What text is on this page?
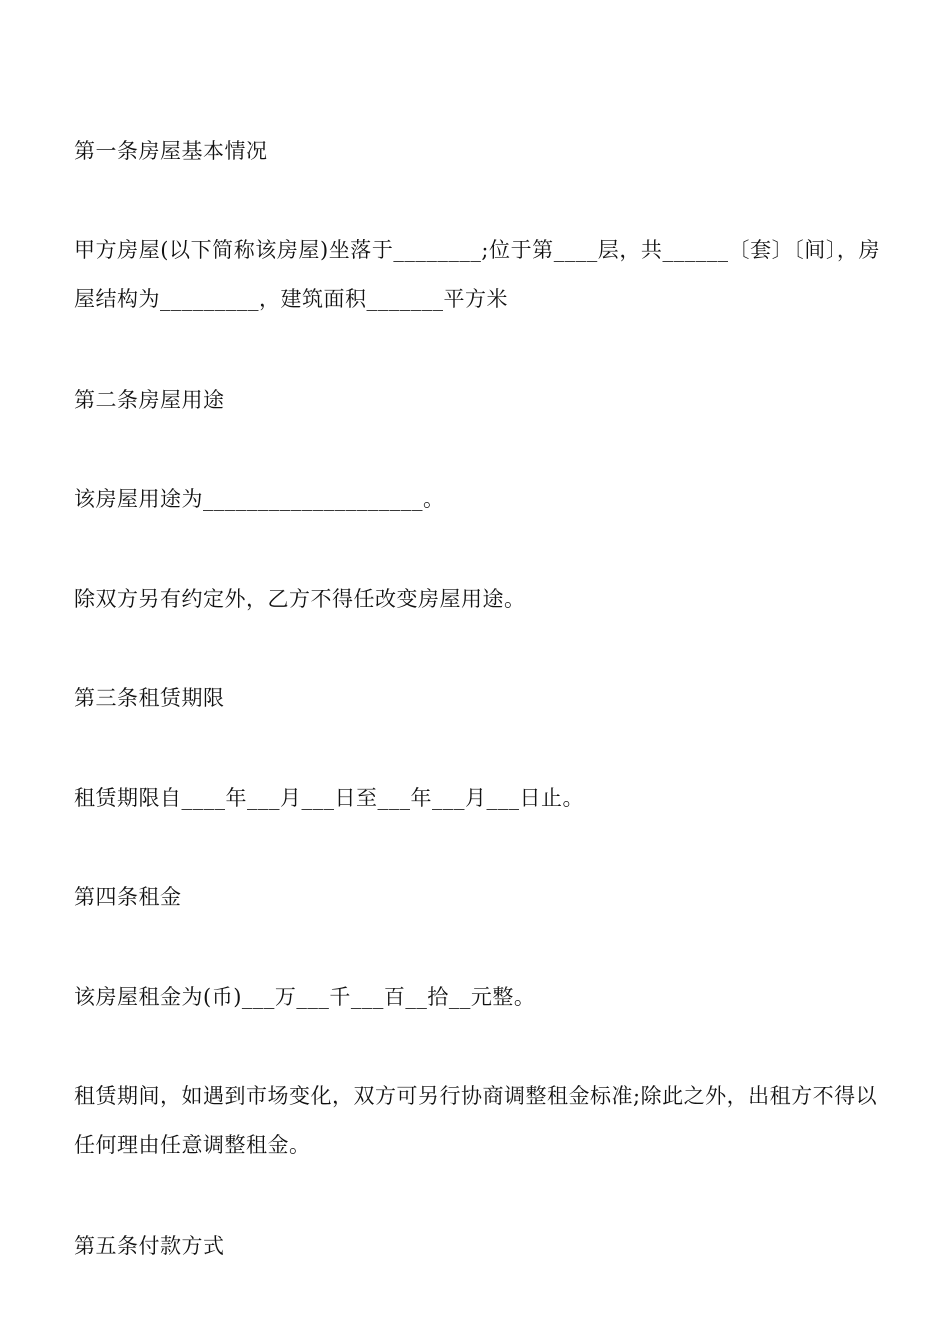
第一条房屋基本情况

甲方房屋(以下简称该房屋)坐落于________;位于第____层，共______〔套〕〔间〕，房屋结构为_________，建筑面积_______平方米

第二条房屋用途

该房屋用途为____________________。

除双方另有约定外，乙方不得任改变房屋用途。

第三条租赁期限

租赁期限自____年___月___日至___年___月___日止。

第四条租金

该房屋租金为(币)___万___千___百__拾__元整。

租赁期间，如遇到市场变化，双方可另行协商调整租金标准;除此之外，出租方不得以任何理由任意调整租金。

第五条付款方式
